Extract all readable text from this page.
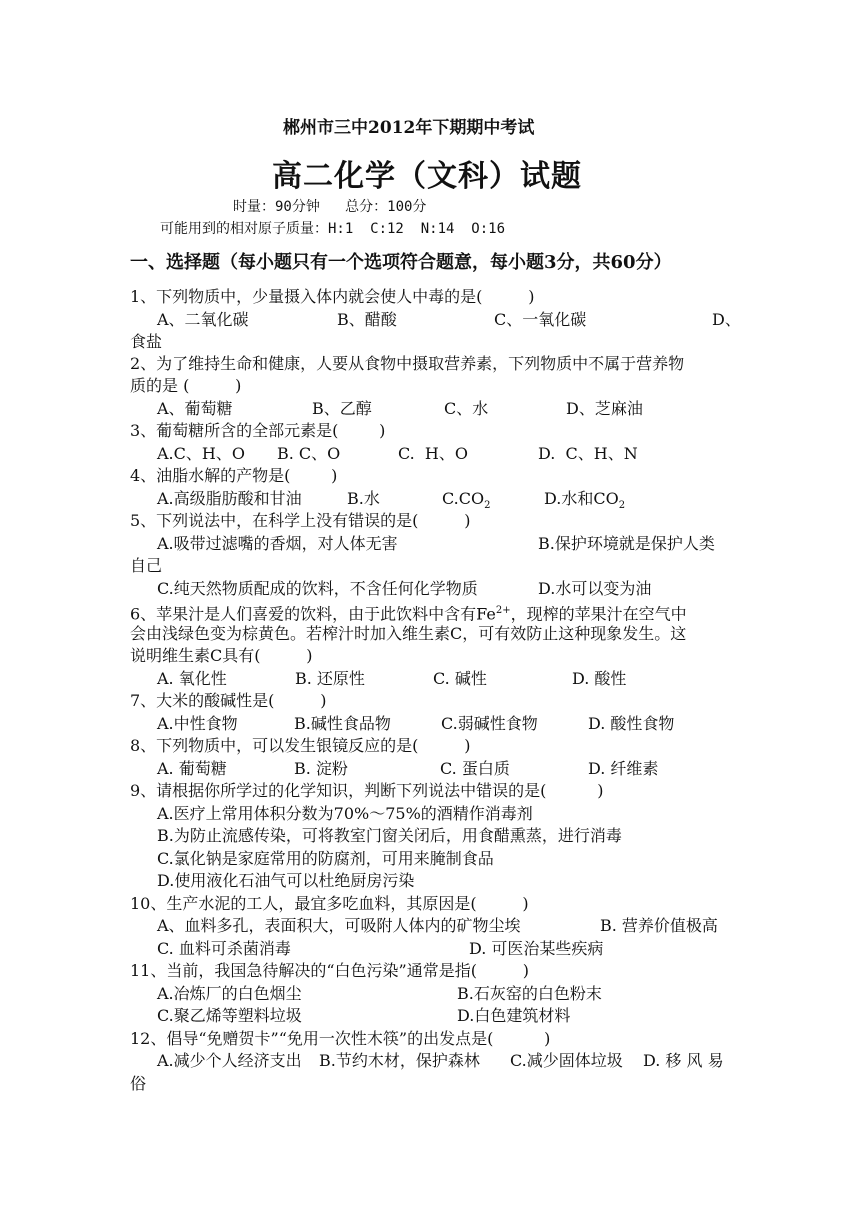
郴州市三中2012年下期期中考试
高二化学（文科）试题
时量：90分钟   总分：100分
可能用到的相对原子质量：H:1  C:12  N:14  O:16
一、选择题（每小题只有一个选项符合题意，每小题3分，共60分）
1、下列物质中，少量摄入体内就会使人中毒的是(         )
A、二氧化碳	B、醋酸	C、一氧化碳	D、
食盐
2、为了维持生命和健康，人要从食物中摄取营养素，下列物质中不属于营养物
质的是 (         )
A、葡萄糖	B、乙醇	C、水	D、芝麻油
3、葡萄糖所含的全部元素是(        )
A.C、H、O B. C、O	C.  H、O	D.  C、H、N
4、油脂水解的产物是(        )
A.高级脂肪酸和甘油	B.水	$C.CO_2$	D.水和$CO_2$
5、下列说法中，在科学上没有错误的是(         )
A.吸带过滤嘴的香烟，对人体无害	B.保护环境就是保护人类
自己
C.纯天然物质配成的饮料，不含任何化学物质	D.水可以变为油
6、苹果汁是人们喜爱的饮料，由于此饮料中含有$Fe^{2+}$，现榨的苹果汁在空气中
会由浅绿色变为棕黄色。若榨汁时加入维生素C，可有效防止这种现象发生。这
说明维生素C具有(         )
A. 氧化性	B. 还原性	C. 碱性	D. 酸性
7、大米的酸碱性是(         )
A.中性食物	B.碱性食品物	C.弱碱性食物	D. 酸性食物
8、下列物质中，可以发生银镜反应的是(         )
A. 葡萄糖	B. 淀粉	C. 蛋白质	D. 纤维素
9、请根据你所学过的化学知识，判断下列说法中错误的是(          )
A.医疗上常用体积分数为70%～75%的酒精作消毒剂
B.为防止流感传染，可将教室门窗关闭后，用食醋熏蒸，进行消毒
C.氯化钠是家庭常用的防腐剂，可用来腌制食品
D.使用液化石油气可以杜绝厨房污染
10、生产水泥的工人，最宜多吃血料，其原因是(         )
A、血料多孔，表面积大，可吸附人体内的矿物尘埃	B. 营养价值极高
C. 血料可杀菌消毒	D. 可医治某些疾病
11、当前，我国急待解决的“白色污染”通常是指(         )
A.冶炼厂的白色烟尘	B.石灰窑的白色粉末
C.聚乙烯等塑料垃圾	D.白色建筑材料
12、倡导“免赠贺卡”“免用一次性木筷”的出发点是(          )
A.减少个人经济支出 B.节约木材，保护森林 C.减少固体垃圾 D. 移 风 易
俗
